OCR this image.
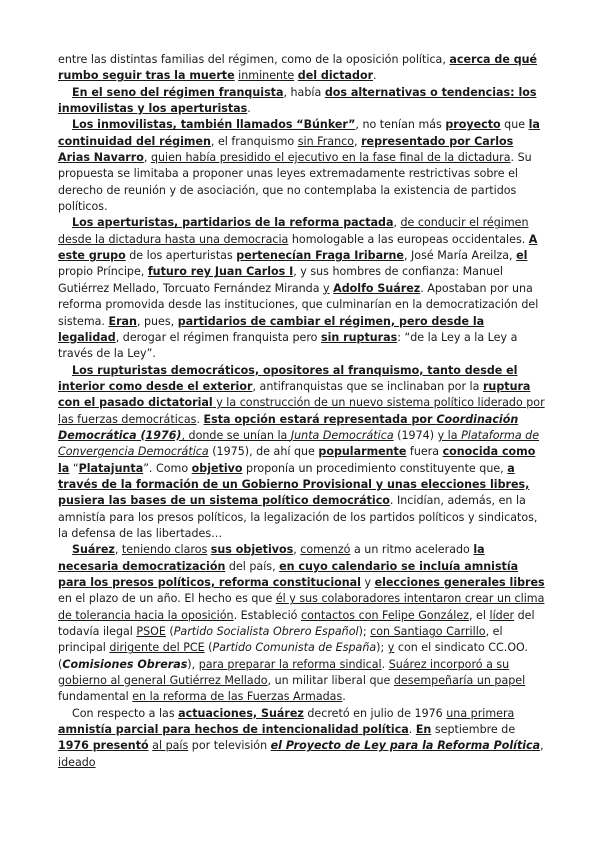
entre las distintas familias del régimen, como de la oposición política, acerca de qué rumbo seguir tras la muerte inminente del dictador.

En el seno del régimen franquista, había dos alternativas o tendencias: los inmovilistas y los aperturistas.

Los inmovilistas, también llamados “Búnker”, no tenían más proyecto que la continuidad del régimen, el franquismo sin Franco, representado por Carlos Arias Navarro, quien había presidido el ejecutivo en la fase final de la dictadura. Su propuesta se limitaba a proponer unas leyes extremadamente restrictivas sobre el derecho de reunión y de asociación, que no contemplaba la existencia de partidos políticos.

Los aperturistas, partidarios de la reforma pactada, de conducir el régimen desde la dictadura hasta una democracia homologable a las europeas occidentales. A este grupo de los aperturistas pertenecían Fraga Iribarne, José María Areilza, el propio Príncipe, futuro rey Juan Carlos I, y sus hombres de confianza: Manuel Gutiérrez Mellado, Torcuato Fernández Miranda y Adolfo Suárez. Apostaban por una reforma promovida desde las instituciones, que culminarían en la democratización del sistema. Eran, pues, partidarios de cambiar el régimen, pero desde la legalidad, derogar el régimen franquista pero sin rupturas: “de la Ley a la Ley a través de la Ley”.

Los rupturistas democráticos, opositores al franquismo, tanto desde el interior como desde el exterior, antifranquistas que se inclinaban por la ruptura con el pasado dictatorial y la construcción de un nuevo sistema político liderado por las fuerzas democráticas. Esta opción estará representada por Coordinación Democrática (1976), donde se unían la Junta Democrática (1974) y la Plataforma de Convergencia Democrática (1975), de ahí que popularmente fuera conocida como la “Platajunta”. Como objetivo proponía un procedimiento constituyente que, a través de la formación de un Gobierno Provisional y unas elecciones libres, pusiera las bases de un sistema político democrático. Incidían, además, en la amnistía para los presos políticos, la legalización de los partidos políticos y sindicatos, la defensa de las libertades…

Suárez, teniendo claros sus objetivos, comenzó a un ritmo acelerado la necesaria democratización del país, en cuyo calendario se incluía amnistía para los presos políticos, reforma constitucional y elecciones generales libres en el plazo de un año. El hecho es que él y sus colaboradores intentaron crear un clima de tolerancia hacia la oposición. Estableció contactos con Felipe González, el líder del todavía ilegal PSOE (Partido Socialista Obrero Español); con Santiago Carrillo, el principal dirigente del PCE (Partido Comunista de España); y con el sindicato CC.OO. (Comisiones Obreras), para preparar la reforma sindical. Suárez incorporó a su gobierno al general Gutiérrez Mellado, un militar liberal que desempeñaría un papel fundamental en la reforma de las Fuerzas Armadas.

Con respecto a las actuaciones, Suárez decretó en julio de 1976 una primera amnistía parcial para hechos de intencionalidad política. En septiembre de 1976 presentó al país por televisión el Proyecto de Ley para la Reforma Política, ideado
